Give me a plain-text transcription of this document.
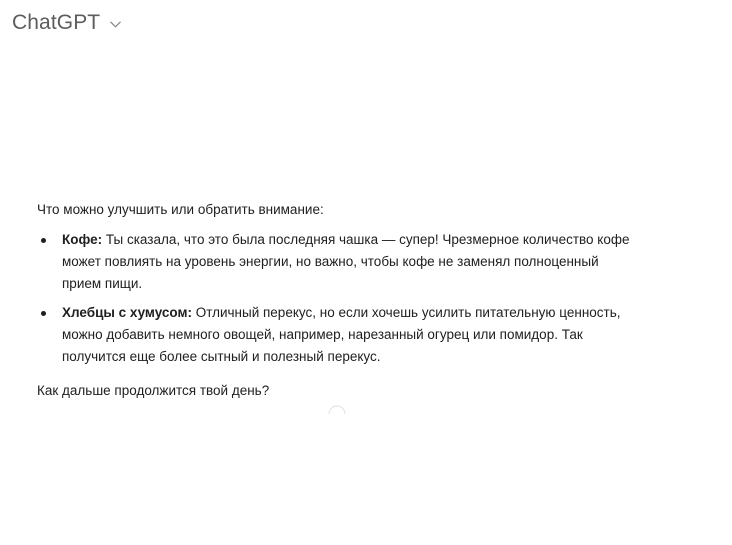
ChatGPT

Что можно улучшить или обратить внимание:

Кофе: Ты сказала, что это была последняя чашка — супер! Чрезмерное количество кофе может повлиять на уровень энергии, но важно, чтобы кофе не заменял полноценный прием пищи.
Хлебцы с хумусом: Отличный перекус, но если хочешь усилить питательную ценность, можно добавить немного овощей, например, нарезанный огурец или помидор. Так получится еще более сытный и полезный перекус.

Как дальше продолжится твой день?
